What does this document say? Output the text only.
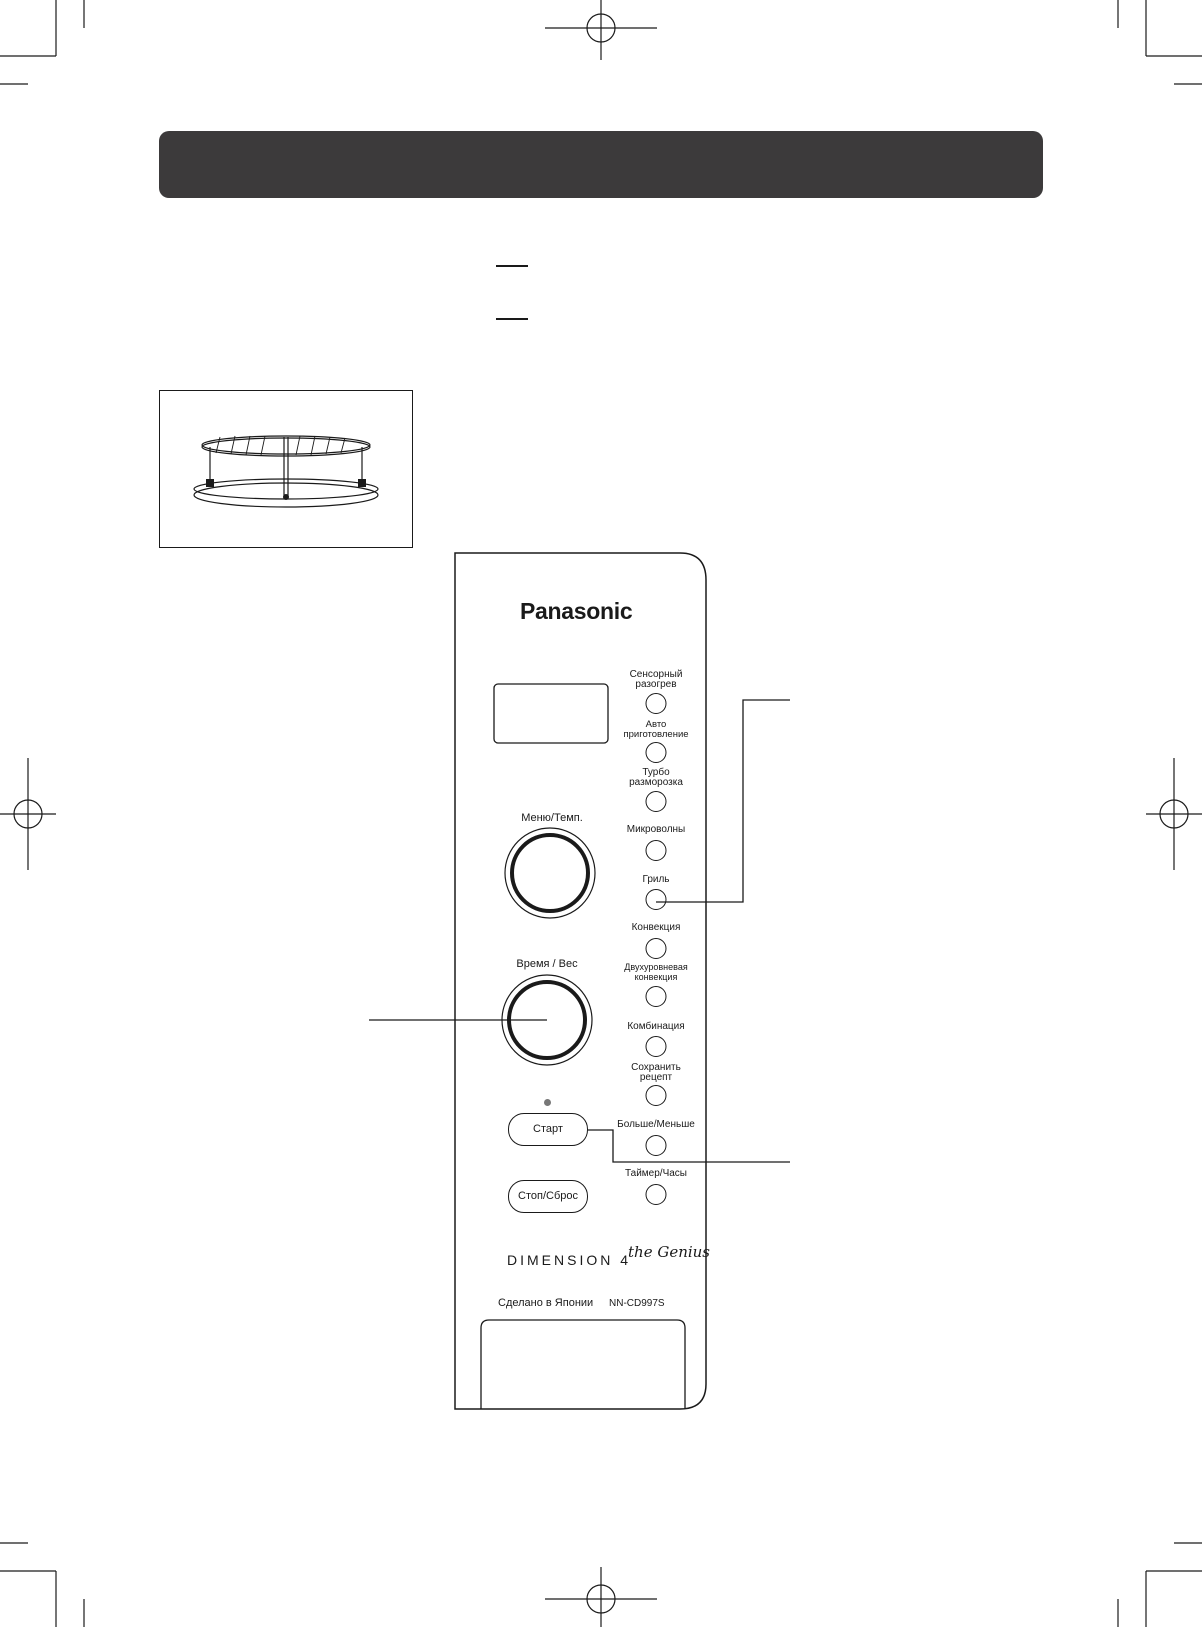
Panasonic
Меню/Темп.
Время / Вес
Сенсорный
разогрев
Авто
приготовление
Турбо
разморозка
Микроволны
Гриль
Конвекция
Двухуровневая
конвекция
Комбинация
Сохранить
рецепт
Больше/Меньше
Таймер/Часы
Старт
Стоп/Сброс
DIMENSION 4
the Genius
Сделано в Японии NN-CD997S
